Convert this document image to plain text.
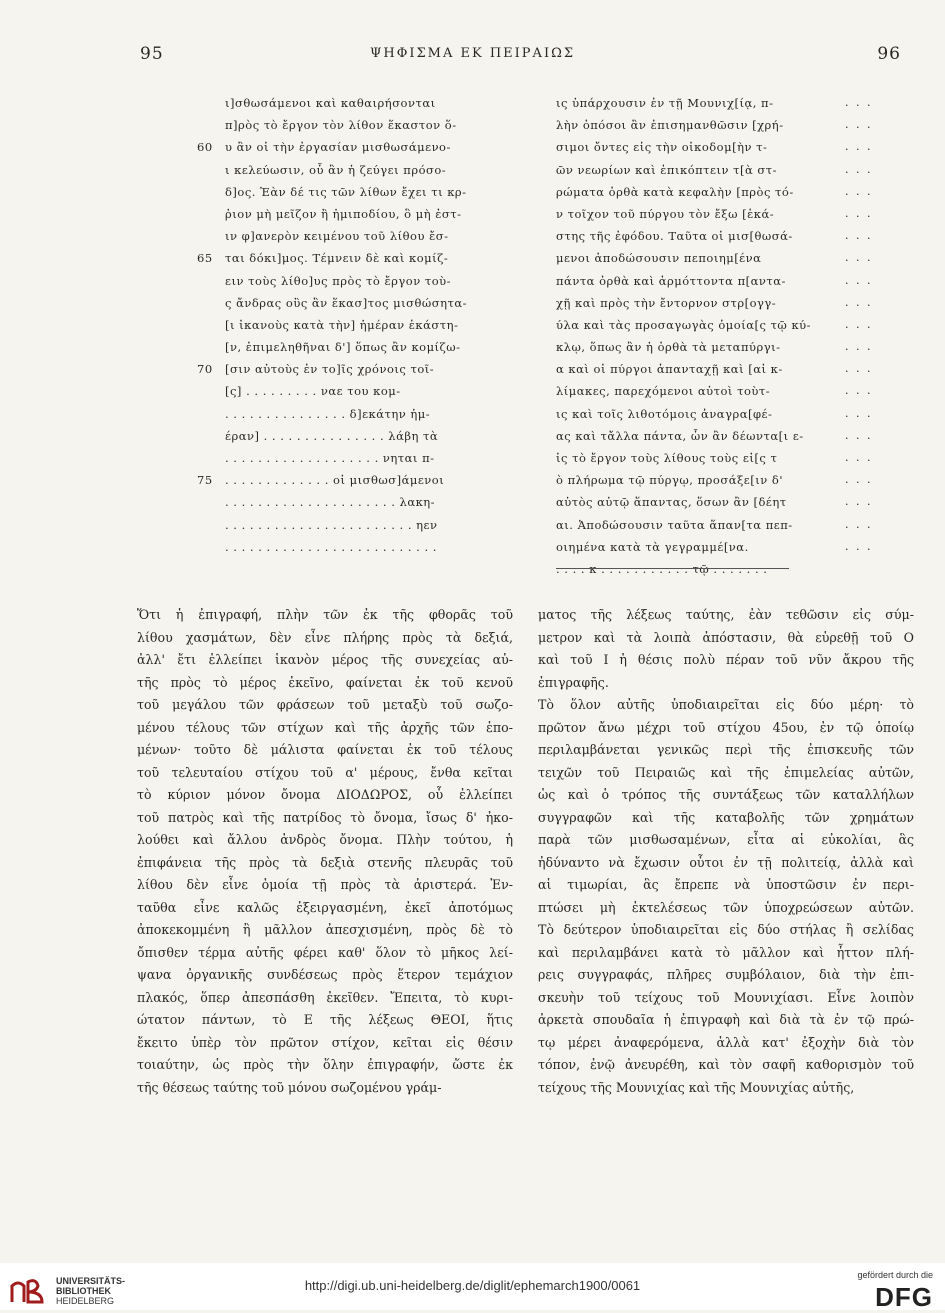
95	ΨΗΦΙΣΜΑ ΕΚ ΠΕΙΡΑΙΩΣ	96
ι]σθωσάμενοι καὶ καθαιρήσονται
π]ρὸς τὸ ἔργον τὸν λίθον ἕκαστον ὅ-
60	υ ἂν οἱ τὴν ἐργασίαν μισθωσάμενο-
ι κελεύωσιν, οὗ ἂν ἡ ζεύγει πρόσο-
δ]ος. Ἐὰν δέ τις τῶν λίθων ἔχει τι κρ-
ῥιον μὴ μεῖζον ἢ ἡμιποδίου, ὃ μὴ ἐστ-
ιν φ]ανερὸν κειμένου τοῦ λίθου ἔσ-
65	ται δόκι]μος. Τέμνειν δὲ καὶ κομίζ-
ειν τοὺς λίθο]υς πρὸς τὸ ἔργον τοὺ-
ς ἄνδρας οὓς ἂν ἕκασ]τος μισθώσητα-
[ι ἱκανοὺς κατὰ τὴν] ἡμέραν ἑκάστη-
[ν, ἐπιμεληθῆναι δ'] ὅπως ἂν κομίζω-
70	[σιν αὐτοὺς ἐν το]ῖς χρόνοις τοῖ-
[ς] . . . . . . . . . ναε του κομ-
. . . . . . . . . . . . . . . δ]εκάτην ἡμ-
έραν] . . . . . . . . . . . . . . . λάβη τὰ
. . . . . . . . . . . . . . . . . . . νηται π-
75	. . . . . . . . . . . . . οἱ μισθωσ]άμενοι
. . . . . . . . . . . . . . . . . . . . . λακη-
. . . . . . . . . . . . . . . . . . . . . . . ηεν
. . . . . . . . . . . . . . . . . . . . . . . . . .
ις ὑπάρχουσιν ἐν τῇ Μουνιχ[ίᾳ, π-
λὴν ὁπόσοι ἂν ἐπισημανθῶσιν [χρή-
σιμοι ὄντες εἰς τὴν οἰκοδομ[ὴν τ-
ῶν νεωρίων καὶ ἐπικόπτειν τ[ὰ στ-
ρώματα ὀρθὰ κατὰ κεφαλὴν [πρὸς τό-
ν τοῖχον τοῦ πύργου τὸν ἔξω [ἑκά-
στης τῆς ἐφόδου. Ταῦτα οἱ μισ[θωσά-
μενοι ἀποδώσουσιν πεποιημ[ένα
πάντα ὀρθὰ καὶ ἁρμόττοντα π[αντα-
χῇ καὶ πρὸς τὴν ἔντορνον στρ[ογγ-
ύλα καὶ τὰς προσαγωγὰς ὁμοία[ς τῷ κύ-
κλῳ, ὅπως ἂν ἡ ὀρθὰ τὰ μεταπύργι-
α καὶ οἱ πύργοι ἁπανταχῇ καὶ [αἱ κ-
λίμακες, παρεχόμενοι αὐτοὶ τοὺτ-
ις καὶ τοῖς λιθοτόμοις ἀναγρα[φέ-
ας καὶ τἄλλα πάντα, ὧν ἂν δέωντα[ι ε-
ἰς τὸ ἔργον τοὺς λίθους τοὺς εἰ[ς τ
ὸ πλήρωμα τῷ πύργῳ, προσάξε[ιν δ'
αὐτὸς αὐτῷ ἅπαντας, ὅσων ἂν [δέητ
αι. Ἀποδώσουσιν ταῦτα ἅπαν[τα πεπ-
οιημένα κατὰ τὰ γεγραμμέ[να.
. . . . κ . . . . . . . . . . . τῷ . . . . . . .
. . .
. . .
. . .
. . .
. . .
. . .
. . .
. . .
. . .
. . .
. . .
. . .
. . .
. . .
. . .
. . .
. . .
. . .
. . .
. . .
. . .
Ὅτι ἡ ἐπιγραφή, πλὴν τῶν ἐκ τῆς φθορᾶς τοῦ
λίθου χασμάτων, δὲν εἶνε πλήρης πρὸς τὰ δεξιά,
ἀλλ' ἔτι ἐλλείπει ἱκανὸν μέρος τῆς συνεχείας αὐ-
τῆς πρὸς τὸ μέρος ἐκεῖνο, φαίνεται ἐκ τοῦ κενοῦ
τοῦ μεγάλου τῶν φράσεων τοῦ μεταξὺ τοῦ σωζο-
μένου τέλους τῶν στίχων καὶ τῆς ἀρχῆς τῶν ἑπο-
μένων· τοῦτο δὲ μάλιστα φαίνεται ἐκ τοῦ τέλους
τοῦ τελευταίου στίχου τοῦ α' μέρους, ἔνθα κεῖται
τὸ κύριον μόνον ὄνομα ΔΙΟΔΩΡΟΣ, οὗ ἐλλείπει
τοῦ πατρὸς καὶ τῆς πατρίδος τὸ ὄνομα, ἴσως δ' ἠκο-
λούθει καὶ ἄλλου ἀνδρὸς ὄνομα. Πλὴν τούτου, ἡ
ἐπιφάνεια τῆς πρὸς τὰ δεξιὰ στενῆς πλευρᾶς τοῦ
λίθου δὲν εἶνε ὁμοία τῇ πρὸς τὰ ἀριστερά. Ἐν-
ταῦθα εἶνε καλῶς ἐξειργασμένη, ἐκεῖ ἀποτόμως
ἀποκεκομμένη ἢ μᾶλλον ἀπεσχισμένη, πρὸς δὲ τὸ
ὄπισθεν τέρμα αὐτῆς φέρει καθ' ὅλον τὸ μῆκος λεί-
ψανα ὀργανικῆς συνδέσεως πρὸς ἕτερον τεμάχιον
πλακός, ὅπερ ἀπεσπάσθη ἐκεῖθεν. Ἔπειτα, τὸ κυρι-
ώτατον πάντων, τὸ Ε τῆς λέξεως ΘΕΟΙ, ἥτις
ἔκειτο ὑπὲρ τὸν πρῶτον στίχον, κεῖται εἰς θέσιν
τοιαύτην, ὡς πρὸς τὴν ὅλην ἐπιγραφήν, ὥστε ἐκ
τῆς θέσεως ταύτης τοῦ μόνου σωζομένου γράμ-
ματος τῆς λέξεως ταύτης, ἐὰν τεθῶσιν εἰς σύμ-
μετρον καὶ τὰ λοιπὰ ἀπόστασιν, θὰ εὑρεθῇ τοῦ Ο
καὶ τοῦ Ι ἡ θέσις πολὺ πέραν τοῦ νῦν ἄκρου τῆς
ἐπιγραφῆς.
Τὸ ὅλον αὐτῆς ὑποδιαιρεῖται εἰς δύο μέρη· τὸ
πρῶτον ἄνω μέχρι τοῦ στίχου 45ου, ἐν τῷ ὁποίῳ
περιλαμβάνεται γενικῶς περὶ τῆς ἐπισκευῆς τῶν
τειχῶν τοῦ Πειραιῶς καὶ τῆς ἐπιμελείας αὐτῶν,
ὡς καὶ ὁ τρόπος τῆς συντάξεως τῶν καταλλήλων
συγγραφῶν καὶ τῆς καταβολῆς τῶν χρημάτων
παρὰ τῶν μισθωσαμένων, εἶτα αἱ εὐκολίαι, ἃς
ἠδύναντο νὰ ἔχωσιν οὗτοι ἐν τῇ πολιτείᾳ, ἀλλὰ καὶ
αἱ τιμωρίαι, ἃς ἔπρεπε νὰ ὑποστῶσιν ἐν περι-
πτώσει μὴ ἐκτελέσεως τῶν ὑποχρεώσεων αὐτῶν.
Τὸ δεύτερον ὑποδιαιρεῖται εἰς δύο στήλας ἢ σελίδας
καὶ περιλαμβάνει κατὰ τὸ μᾶλλον καὶ ἧττον πλή-
ρεις συγγραφάς, πλῆρες συμβόλαιον, διὰ τὴν ἐπι-
σκευὴν τοῦ τείχους τοῦ Μουνιχίασι. Εἶνε λοιπὸν
ἀρκετὰ σπουδαῖα ἡ ἐπιγραφὴ καὶ διὰ τὰ ἐν τῷ πρώ-
τῳ μέρει ἀναφερόμενα, ἀλλὰ κατ' ἐξοχὴν διὰ τὸν
τόπον, ἐνῷ ἀνευρέθη, καὶ τὸν σαφῆ καθορισμὸν τοῦ
τείχους τῆς Μουνιχίας καὶ τῆς Μουνιχίας αὐτῆς,
UNIVERSITÄTS-
BIBLIOTHEK
HEIDELBERG
http://digi.ub.uni-heidelberg.de/diglit/ephemarch1900/0061
gefördert durch die
DFG
